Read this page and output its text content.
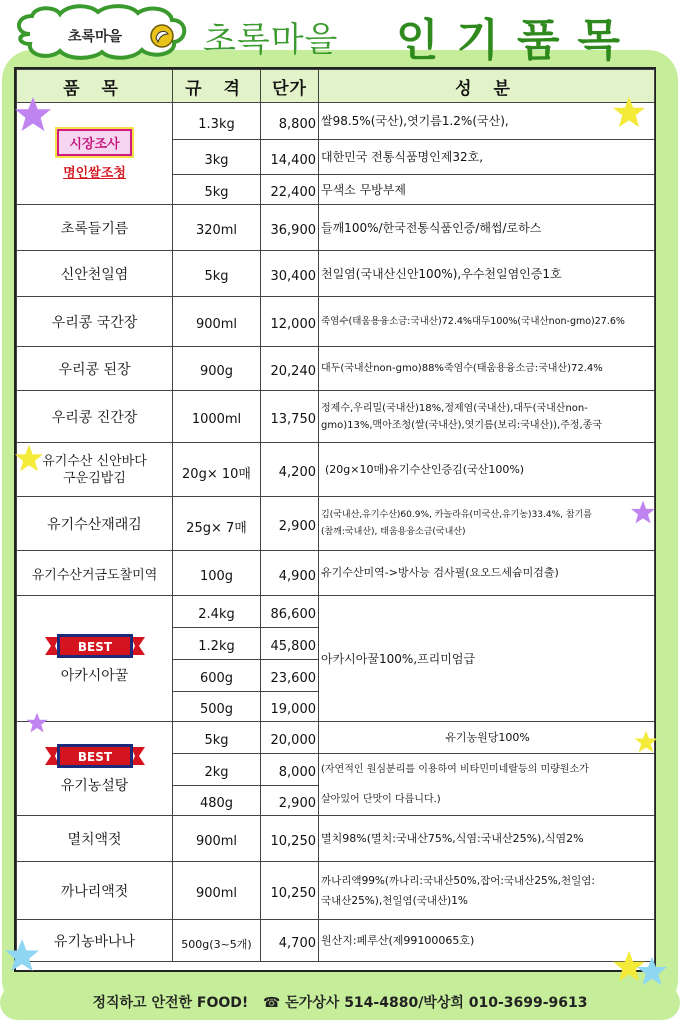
초록마을	초록마을 인기품목
품 목	규 격	단가	성 분
시장조사
명인쌀조청	1.3kg	8,800	쌀98.5%(국산),엿기름1.2%(국산),
	3kg	14,400	대한민국 전통식품명인제32호,
	5kg	22,400	무색소 무방부제
초록들기름	320ml	36,900	들깨100%/한국전통식품인증/해썹/로하스
신안천일염	5kg	30,400	천일염(국내산신안100%),우수천일염인증1호
우리콩 국간장	900ml	12,000	죽염수(태움용융소금:국내산)72.4%대두100%(국내산non-gmo)27.6%
우리콩 된장	900g	20,240	대두(국내산non-gmo)88%죽염수(태움용융소금:국내산)72.4%
우리콩 진간장	1000ml	13,750	정제수,우리밀(국내산)18%,정제염(국내산),대두(국내산non-
gmo)13%,맥아조청(쌀(국내산),엿기름(보리:국내산)),주정,종국

유기수산 신안바다
구운김밥김	20g× 10매	4,200	(20g×10매)유기수산인증김(국산100%)
유기수산재래김	25g× 7매	2,900	김(국내산,유기수산)60.9%, 카놀라유(미국산,유기농)33.4%, 참기름
(참깨:국내산), 태움용융소금(국내산)

유기수산거금도찰미역	100g	4,900	유기수산미역->방사능 검사필(요오드세슘미검출)

BEST
아카시아꿀	2.4kg	86,600	아카시아꿀100%,프리미엄급
	1.2kg	45,800	
	600g	23,600	
	500g	19,000	

BEST
유기농설탕	5kg	20,000	유기농원당100%
	2kg	8,000	(자연적인 원심분리를 이용하여 비타민미네랄등의 미량원소가
	480g	2,900	살아있어 단맛이 다릅니다.)
멸치액젓	900ml	10,250	멸치98%(멸치:국내산75%,식염:국내산25%),식염2%
까나리액젓	900ml	10,250	까나리액99%(까나리:국내산50%,잡어:국내산25%,천일염:
국내산25%),천일염(국내산)1%

유기농바나나	500g(3~5개)	4,700	원산지:페루산(제99100065호)
정직하고 안전한 FOOD! ☎ 돈가상사 514-4880/박상희 010-3699-9613
